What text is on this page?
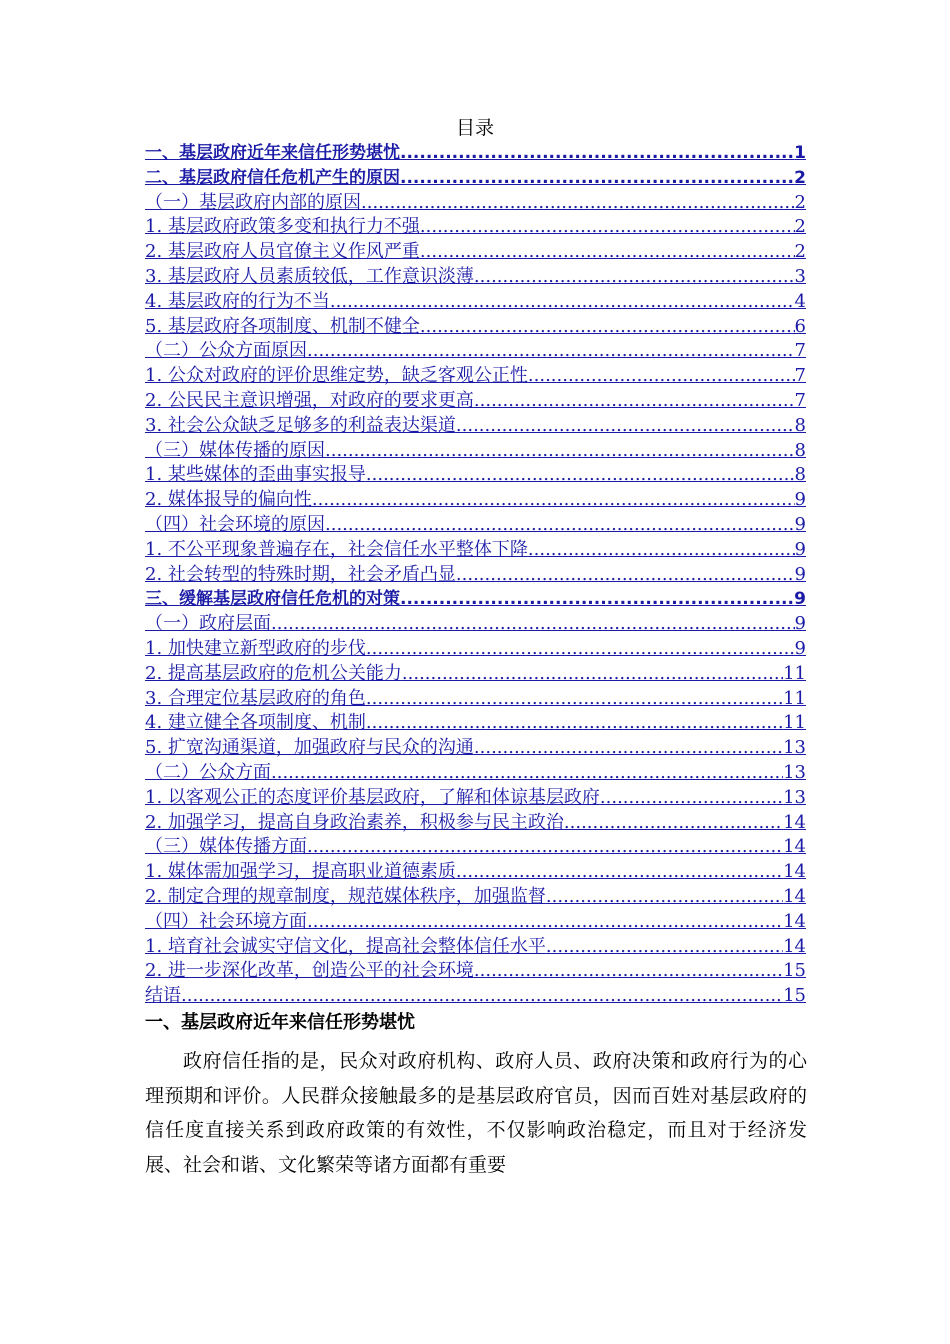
目录
一、基层政府近年来信任形势堪忧 .....	1
二、基层政府信任危机产生的原因 .....	2
（一）基层政府内部的原因 .....	2
1. 基层政府政策多变和执行力不强 .....	2
2. 基层政府人员官僚主义作风严重 .....	2
3. 基层政府人员素质较低，工作意识淡薄 .....	3
4. 基层政府的行为不当 .....	4
5. 基层政府各项制度、机制不健全 .....	6
（二）公众方面原因 .....	7
1. 公众对政府的评价思维定势，缺乏客观公正性 .....	7
2. 公民民主意识增强，对政府的要求更高 .....	7
3. 社会公众缺乏足够多的利益表达渠道 .....	8
（三）媒体传播的原因 .....	8
1. 某些媒体的歪曲事实报导 .....	8
2. 媒体报导的偏向性 .....	9
（四）社会环境的原因 .....	9
1. 不公平现象普遍存在，社会信任水平整体下降 .....	9
2. 社会转型的特殊时期，社会矛盾凸显 .....	9
三、缓解基层政府信任危机的对策 .....	9
（一）政府层面 .....	9
1. 加快建立新型政府的步伐 .....	9
2. 提高基层政府的危机公关能力 .....	11
3. 合理定位基层政府的角色 .....	11
4. 建立健全各项制度、机制 .....	11
5. 扩宽沟通渠道，加强政府与民众的沟通 .....	13
（二）公众方面 .....	13
1. 以客观公正的态度评价基层政府，了解和体谅基层政府 .....	13
2. 加强学习，提高自身政治素养，积极参与民主政治 .....	14
（三）媒体传播方面 .....	14
1. 媒体需加强学习，提高职业道德素质 .....	14
2. 制定合理的规章制度，规范媒体秩序，加强监督 .....	14
（四）社会环境方面 .....	14
1. 培育社会诚实守信文化，提高社会整体信任水平 .....	14
2. 进一步深化改革，创造公平的社会环境 .....	15
结语 .....	15
一、基层政府近年来信任形势堪忧
政府信任指的是，民众对政府机构、政府人员、政府决策和政府行为的心理预期和评价。人民群众接触最多的是基层政府官员，因而百姓对基层政府的信任度直接关系到政府政策的有效性，不仅影响政治稳定，而且对于经济发展、社会和谐、文化繁荣等诸方面都有重要
